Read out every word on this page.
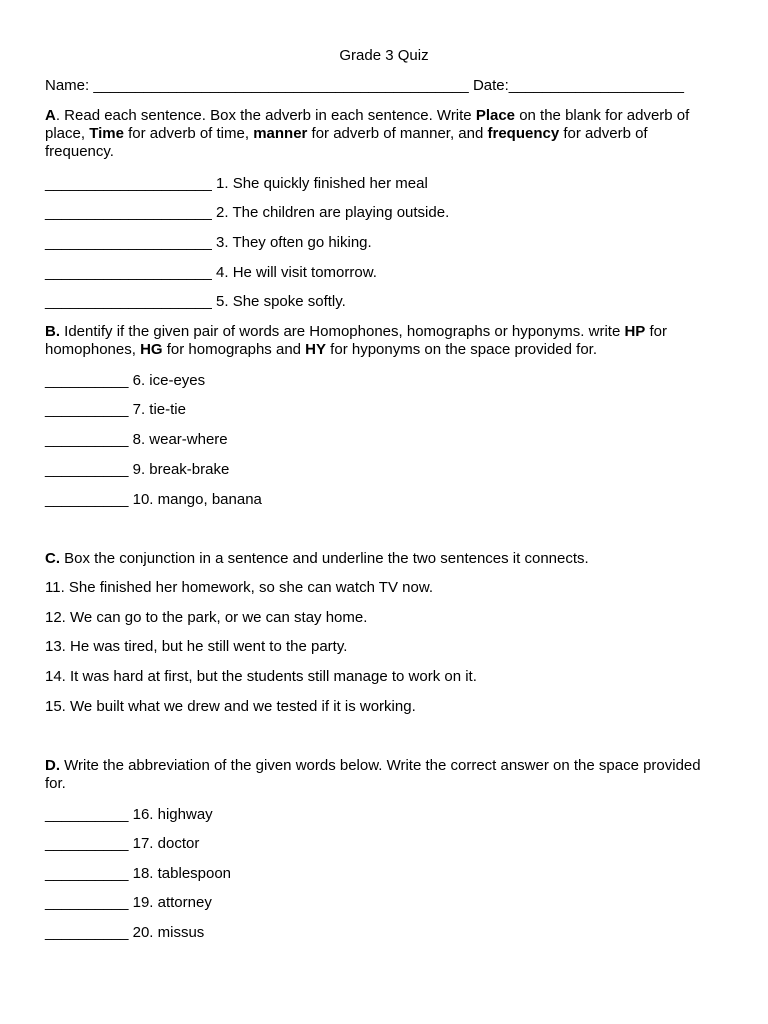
Grade 3 Quiz
Name: _____________________________________________ Date:_____________________
A. Read each sentence. Box the adverb in each sentence. Write Place on the blank for adverb of place, Time for adverb of time, manner for adverb of manner, and frequency for adverb of frequency.
____________________ 1. She quickly finished her meal
____________________ 2. The children are playing outside.
____________________ 3. They often go hiking.
____________________ 4. He will visit tomorrow.
____________________ 5. She spoke softly.
B. Identify if the given pair of words are Homophones, homographs or hyponyms. write HP for homophones, HG for homographs and HY for hyponyms on the space provided for.
__________ 6. ice-eyes
__________ 7. tie-tie
__________ 8. wear-where
__________ 9. break-brake
__________ 10. mango, banana
C. Box the conjunction in a sentence and underline the two sentences it connects.
11. She finished her homework, so she can watch TV now.
12. We can go to the park, or we can stay home.
13. He was tired, but he still went to the party.
14. It was hard at first, but the students still manage to work on it.
15. We built what we drew and we tested if it is working.
D. Write the abbreviation of the given words below. Write the correct answer on the space provided for.
__________ 16. highway
__________ 17. doctor
__________ 18. tablespoon
__________ 19. attorney
__________ 20. missus
